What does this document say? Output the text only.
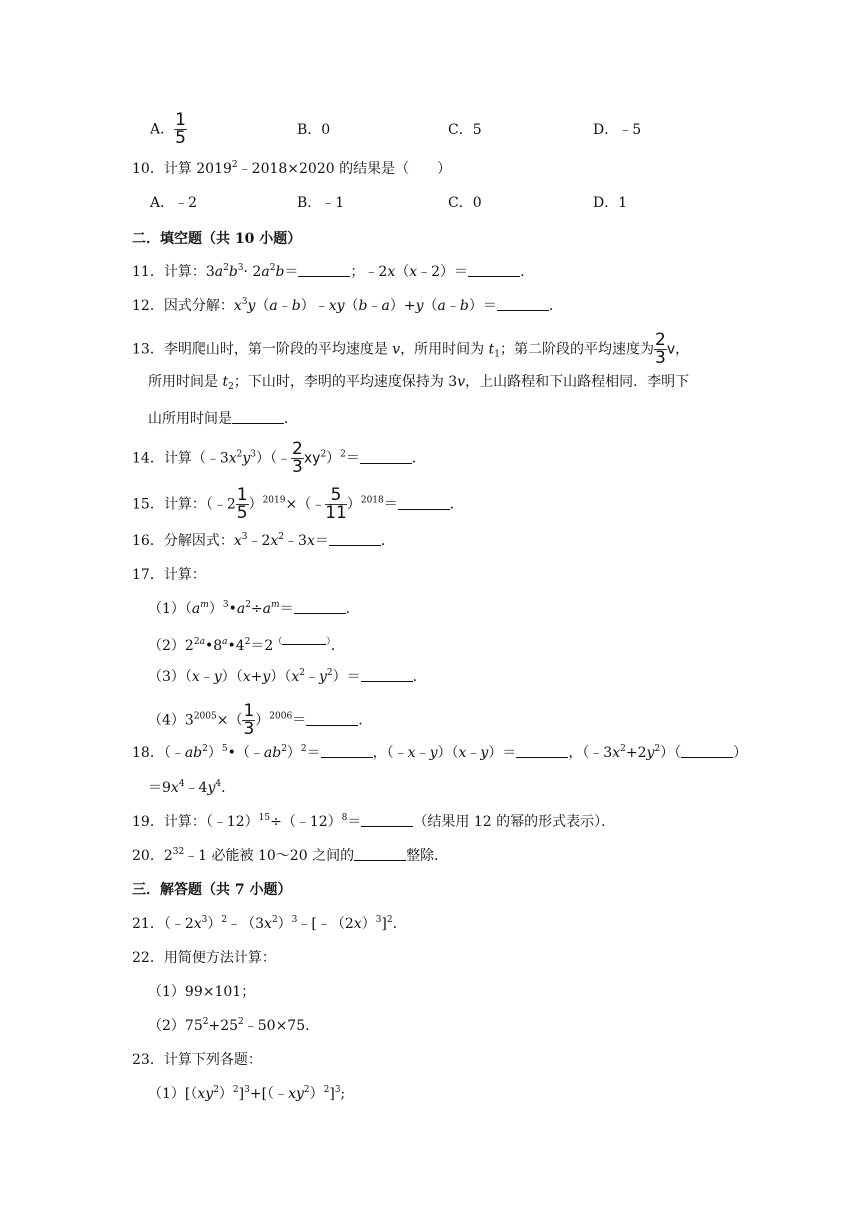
A． $\frac{1}{5}$	B．0	C．5	D．﹣5
10．计算 $2019^2﹣2018\times 2020$ 的结果是（　　）
A．﹣2	B．﹣1	C．0	D．1
二．填空题（共 10 小题）
11．计算：$3a^2b^3\cdot 2a^2b=$	；﹣2x（x﹣2）＝	．
12．因式分解：$x^3y(a﹣b)﹣xy(b﹣a)+y(a﹣b)=$	．
13．李明爬山时，第一阶段的平均速度是 v，所用时间为 $t_1$；第二阶段的平均速度为 $\frac{2}{3}$ v，
所用时间是 $t_2$；下山时，李明的平均速度保持为 3v，上山路程和下山路程相同．李明下
山所用时间是	．
14．计算$(﹣3x^2y^3)(﹣ \frac{2}{3} xy^2)^2=$	．
15．计算：（﹣2 $\frac{1}{5}$ ）$^{2019}$×（﹣ $\frac{5}{11} )^{2018}=$	．
16．分解因式：$x^3﹣2x^2﹣3x=$	．
17．计算：
$(1)(a^m)^3•a^2\div a^m=$	．
$(2)2^{2a}•8^a•4^2=2^{( )}$．
$(3)(x﹣y)(x+y)(x^2﹣y^2)=$	．
$(4)3^{2005}\times( \frac{1}{3} )^{2006}=$	．
18．$(﹣ab^2)^5•(﹣ab^2)^2=$	，（﹣x﹣y）（x﹣y）＝	，$(﹣3x^2+2y^2)$（	）
$=9x^4﹣4y^4$．
19．计算：（﹣12）$^{15}$÷（﹣12）$^8$＝	（结果用 12 的幂的形式表示）．
20．$2^{32}﹣1$ 必能被 10～20 之间的	整除．
三．解答题（共 7 小题）
21．$(﹣2x^3)^2﹣(3x^2)^3﹣[﹣(2x)^3]^2$.
22．用简便方法计算：
（1）99×101；
$(2)75^2+25^2﹣50\times 75$.
23．计算下列各题：
$(1)[(xy^2)^2]^3+[(﹣xy^2)^2]^3$;
